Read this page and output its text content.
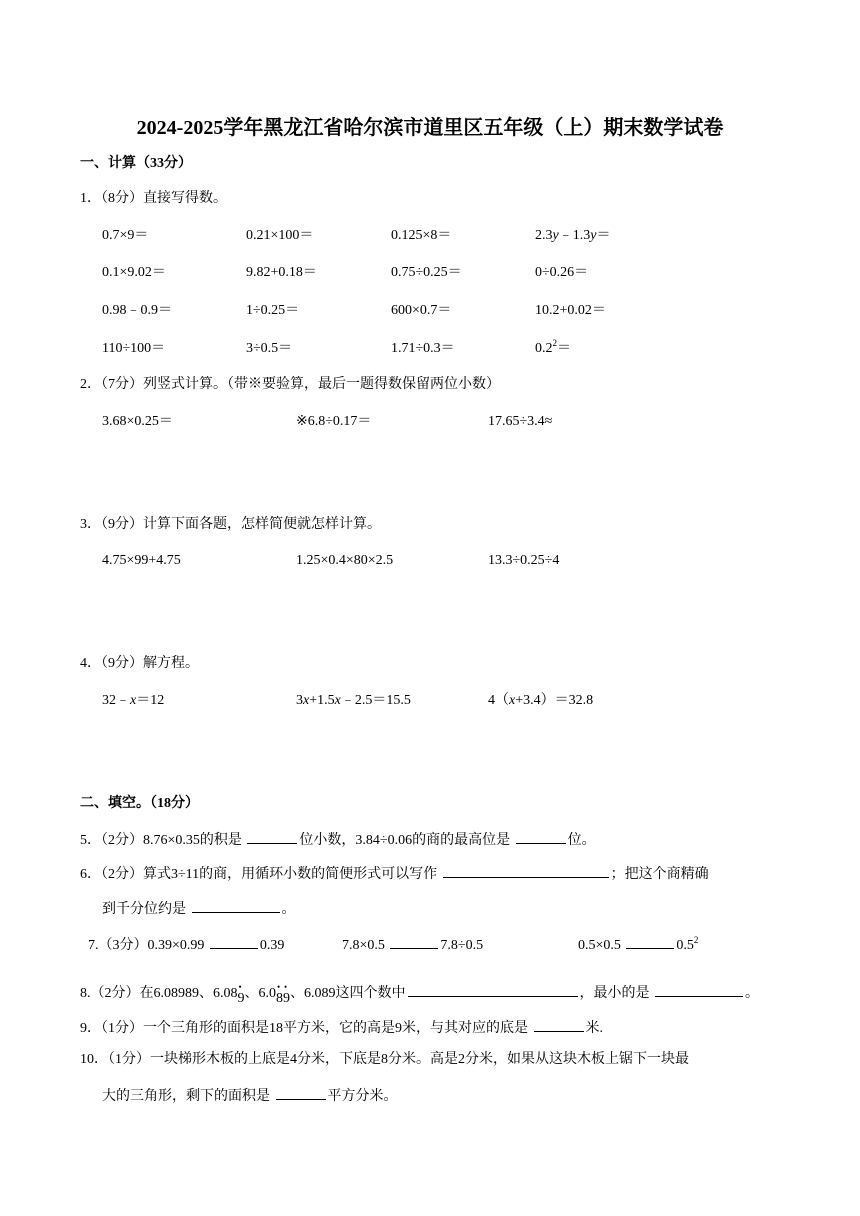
2024-2025学年黑龙江省哈尔滨市道里区五年级（上）期末数学试卷
一、计算（33分）
1．（8分）直接写得数。
0.7×9＝	0.21×100＝	0.125×8＝	2.3y﹣1.3y＝
0.1×9.02＝	9.82+0.18＝	0.75÷0.25＝	0÷0.26＝
0.98﹣0.9＝	1÷0.25＝	600×0.7＝	10.2+0.02＝
110÷100＝	3÷0.5＝	1.71÷0.3＝	$0.2^2=$
2．（7分）列竖式计算。（带※要验算，最后一题得数保留两位小数）
3.68×0.25＝	※6.8÷0.17＝	17.65÷3.4≈
3．（9分）计算下面各题，怎样简便就怎样计算。
4.75×99+4.75	1.25×0.4×80×2.5	13.3÷0.25÷4
4．（9分）解方程。
32﹣x＝12	3x+1.5x﹣2.5＝15.5	4（x+3.4）＝32.8
二、填空。（18分）
5．（2分）8.76×0.35的积是	位小数，3.84÷0.06的商的最高位是	位。
6．（2分）算式3÷11的商，用循环小数的简便形式可以写作	；把这个商精确
到千分位约是	。
7.（3分）0.39×0.99	0.39	7.8×0.5	7.8÷0.5	0.5×0.5	$0.5^2$
8.（2分）在6.08989、6.08• 9、6.0• 8• 9、6.089这四个数中	，最小的是	。
9．（1分）一个三角形的面积是18平方米，它的高是9米，与其对应的底是	米.
10．（1分）一块梯形木板的上底是4分米，下底是8分米。高是2分米，如果从这块木板上锯下一块最
大的三角形，剩下的面积是	平方分米。
